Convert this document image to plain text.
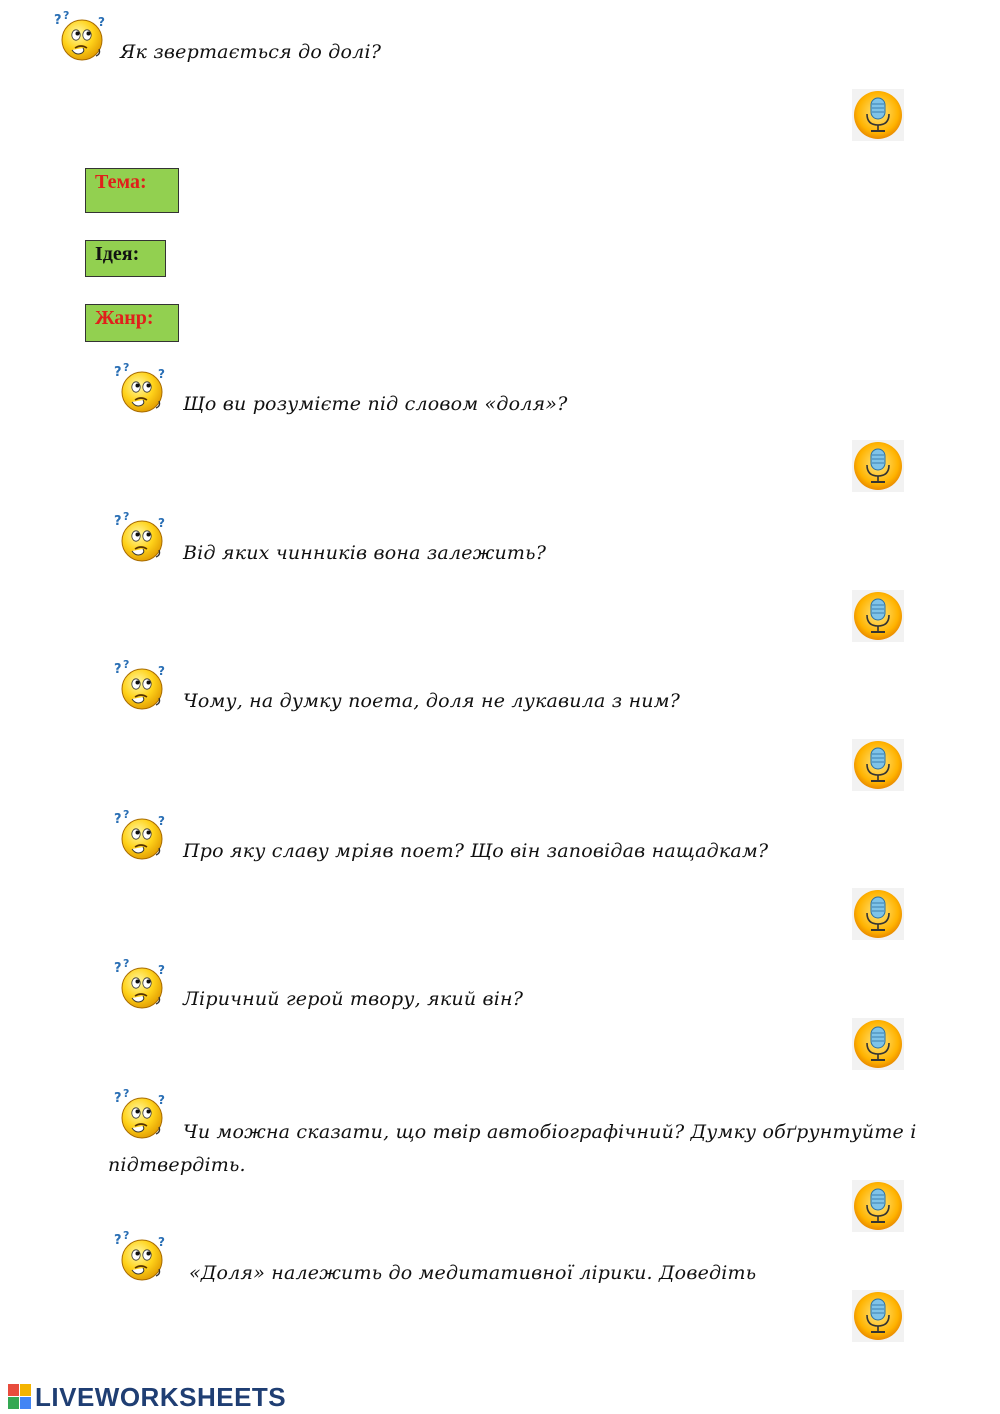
Як звертається до долі?
Тема:
Ідея:
Жанр:
Що ви розумієте під словом «доля»?
Від яких чинників вона залежить?
Чому, на думку поета, доля не лукавила з ним?
Про яку славу мріяв поет? Що він заповідав нащадкам?
Ліричний герой твору, який він?
Чи можна сказати, що твір автобіографічний? Думку обґрунтуйте і
підтвердіть.
«Доля» належить до медитативної лірики. Доведіть
LIVEWORKSHEETS
